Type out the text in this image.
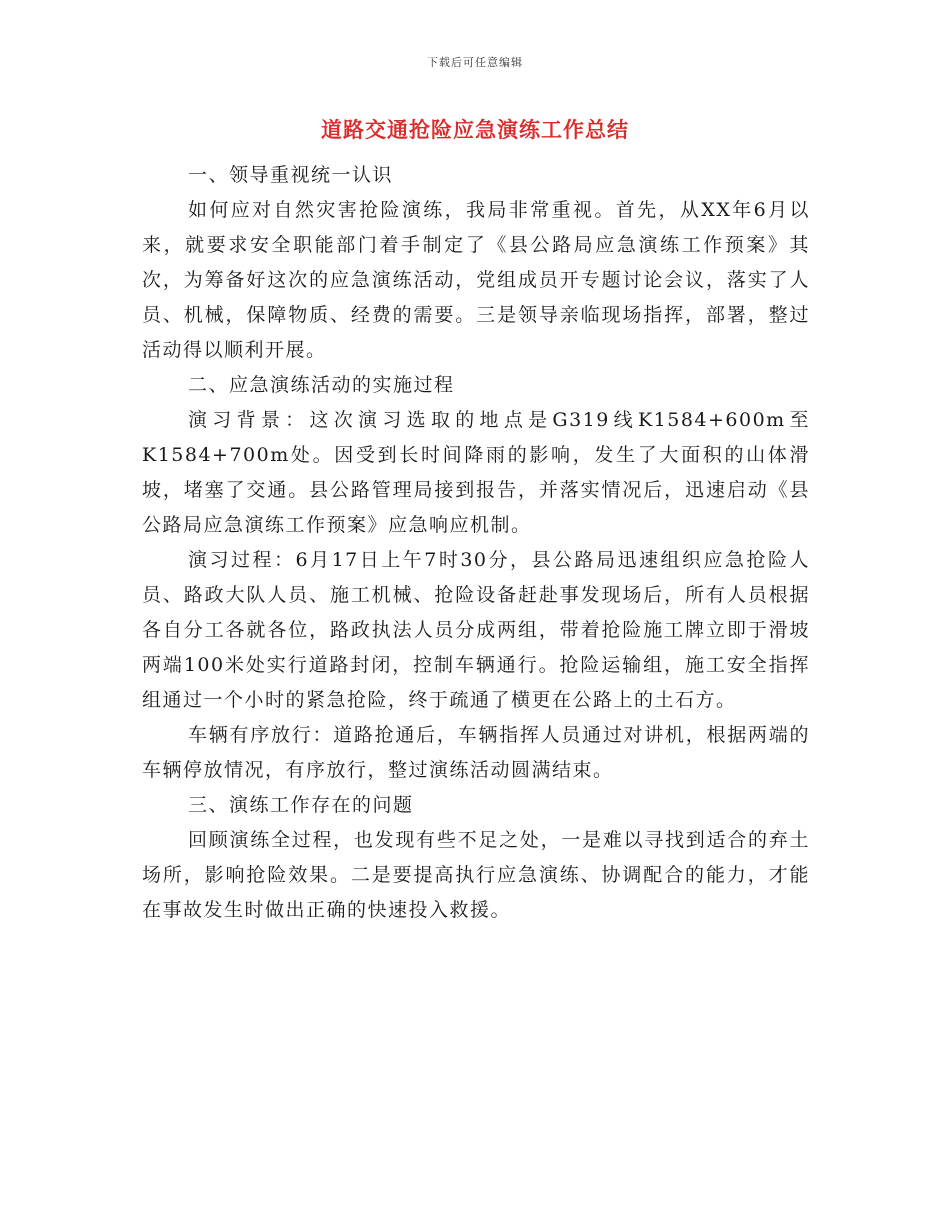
下载后可任意编辑
道路交通抢险应急演练工作总结

一、领导重视统一认识

如何应对自然灾害抢险演练，我局非常重视。首先，从XX年6月以来，就要求安全职能部门着手制定了《县公路局应急演练工作预案》其次，为筹备好这次的应急演练活动，党组成员开专题讨论会议，落实了人员、机械，保障物质、经费的需要。三是领导亲临现场指挥，部署，整过活动得以顺利开展。

二、应急演练活动的实施过程

演习背景：这次演习选取的地点是G319线K1584+600m至K1584+700m处。因受到长时间降雨的影响，发生了大面积的山体滑坡，堵塞了交通。县公路管理局接到报告，并落实情况后，迅速启动《县公路局应急演练工作预案》应急响应机制。

演习过程：6月17日上午7时30分，县公路局迅速组织应急抢险人员、路政大队人员、施工机械、抢险设备赶赴事发现场后，所有人员根据各自分工各就各位，路政执法人员分成两组，带着抢险施工牌立即于滑坡两端100米处实行道路封闭，控制车辆通行。抢险运输组，施工安全指挥组通过一个小时的紧急抢险，终于疏通了横更在公路上的土石方。

车辆有序放行：道路抢通后，车辆指挥人员通过对讲机，根据两端的车辆停放情况，有序放行，整过演练活动圆满结束。

三、演练工作存在的问题

回顾演练全过程，也发现有些不足之处，一是难以寻找到适合的弃土场所，影响抢险效果。二是要提高执行应急演练、协调配合的能力，才能在事故发生时做出正确的快速投入救援。
